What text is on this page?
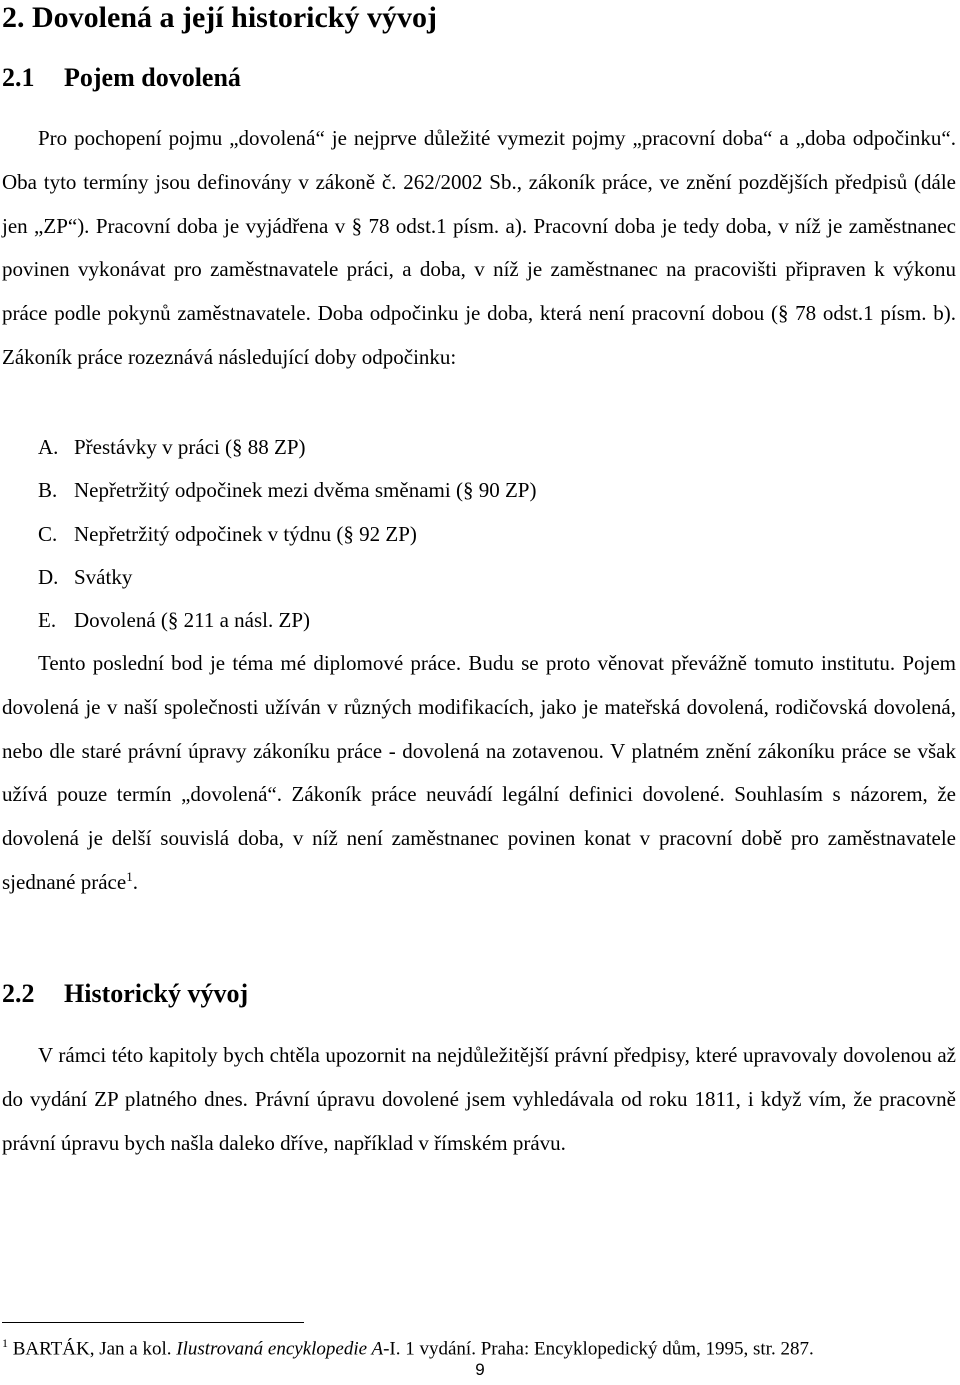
2. Dovolená a její historický vývoj
2.1 Pojem dovolená
Pro pochopení pojmu „dovolená“ je nejprve důležité vymezit pojmy „pracovní doba“ a „doba odpočinku“. Oba tyto termíny jsou definovány v zákoně č. 262/2002 Sb., zákoník práce, ve znění pozdějších předpisů (dále jen „ZP“). Pracovní doba je vyjádřena v § 78 odst.1 písm. a). Pracovní doba je tedy doba, v níž je zaměstnanec povinen vykonávat pro zaměstnavatele práci, a doba, v níž je zaměstnanec na pracovišti připraven k výkonu práce podle pokynů zaměstnavatele. Doba odpočinku je doba, která není pracovní dobou (§ 78 odst.1 písm. b). Zákoník práce rozeznává následující doby odpočinku:
A. Přestávky v práci (§ 88 ZP)
B. Nepřetržitý odpočinek mezi dvěma směnami (§ 90 ZP)
C. Nepřetržitý odpočinek v týdnu (§ 92 ZP)
D. Svátky
E. Dovolená (§ 211 a násl. ZP)
Tento poslední bod je téma mé diplomové práce. Budu se proto věnovat převážně tomuto institutu. Pojem dovolená je v naší společnosti užíván v různých modifikacích, jako je mateřská dovolená, rodičovská dovolená, nebo dle staré právní úpravy zákoníku práce - dovolená na zotavenou. V platném znění zákoníku práce se však užívá pouze termín „dovolená“. Zákoník práce neuvádí legální definici dovolené. Souhlasím s názorem, že dovolená je delší souvislá doba, v níž není zaměstnanec povinen konat v pracovní době pro zaměstnavatele sjednané práce$^1$.
2.2 Historický vývoj
V rámci této kapitoly bych chtěla upozornit na nejdůležitější právní předpisy, které upravovaly dovolenou až do vydání ZP platného dnes. Právní úpravu dovolené jsem vyhledávala od roku 1811, i když vím, že pracovně právní úpravu bych našla daleko dříve, například v římském právu.
$^1$ BARTÁK, Jan a kol. Ilustrovaná encyklopedie A-I. 1 vydání. Praha: Encyklopedický dům, 1995, str. 287.
9
